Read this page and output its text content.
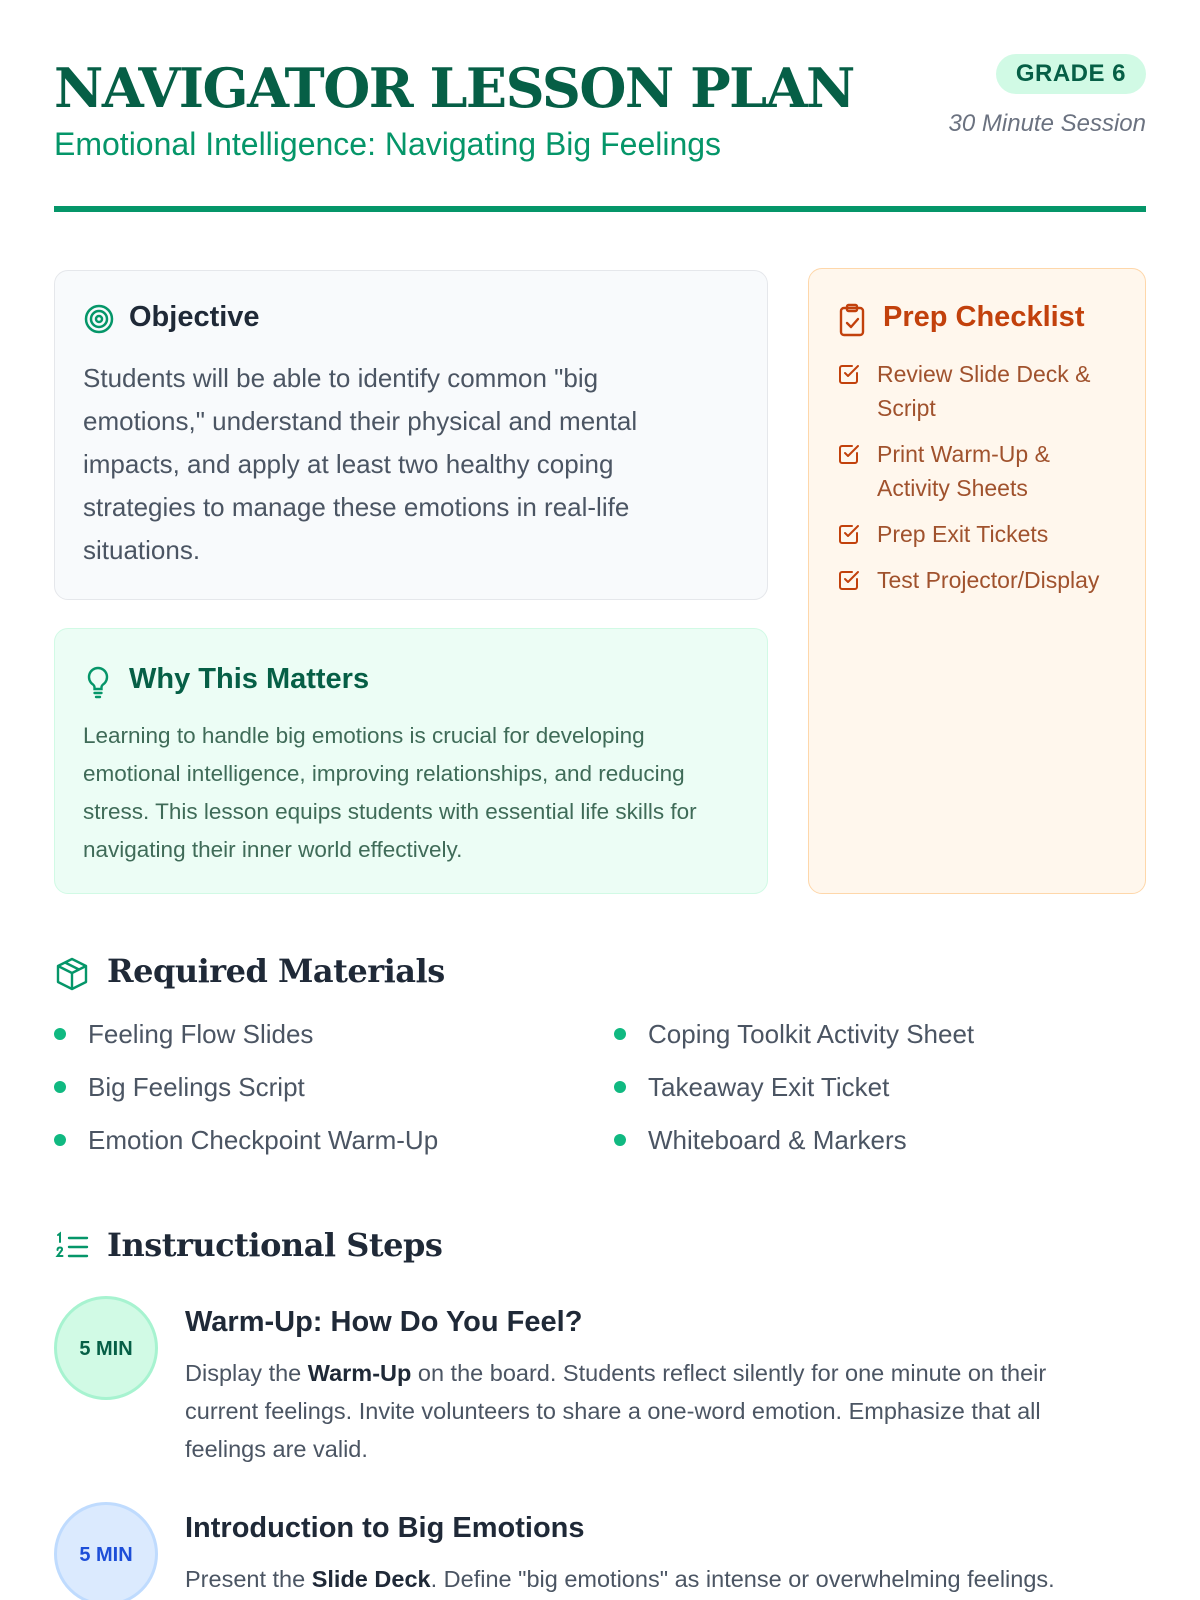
NAVIGATOR LESSON PLAN
Emotional Intelligence: Navigating Big Feelings
GRADE 6
30 Minute Session
Objective

Students will be able to identify common "big emotions," understand their physical and mental impacts, and apply at least two healthy coping strategies to manage these emotions in real-life situations.

Why This Matters

Learning to handle big emotions is crucial for developing emotional intelligence, improving relationships, and reducing stress. This lesson equips students with essential life skills for navigating their inner world effectively.

Prep Checklist
Review Slide Deck & Script
Print Warm-Up & Activity Sheets
Prep Exit Tickets
Test Projector/Display
Required Materials
Feeling Flow Slides
Big Feelings Script
Emotion Checkpoint Warm-Up
Coping Toolkit Activity Sheet
Takeaway Exit Ticket
Whiteboard & Markers
Instructional Steps
5 MIN
Warm-Up: How Do You Feel?

Display the Warm-Up on the board. Students reflect silently for one minute on their current feelings. Invite volunteers to share a one-word emotion. Emphasize that all feelings are valid.

5 MIN
Introduction to Big Emotions

Present the Slide Deck. Define "big emotions" as intense or overwhelming feelings.
